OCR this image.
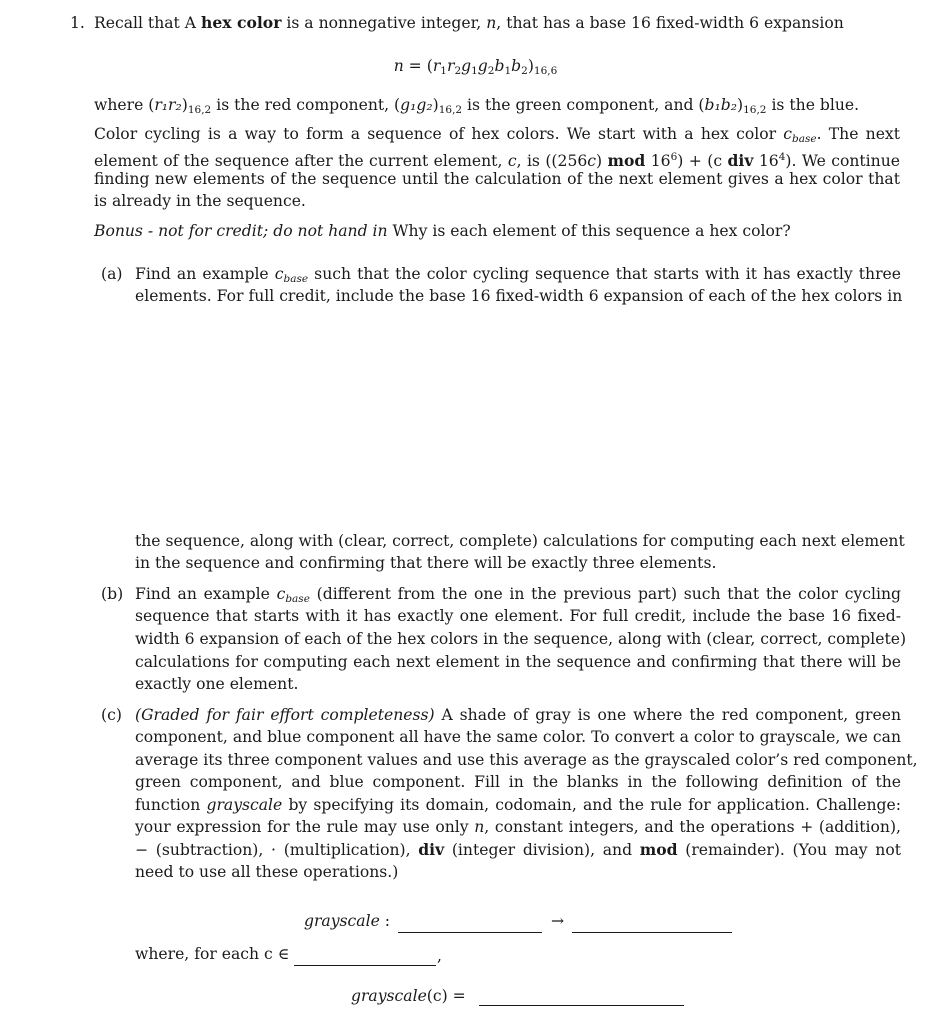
1. Recall that A hex color is a nonnegative integer, n, that has a base 16 fixed-width 6 expansion
$n = (r_1r_2g_1g_2b_1b_2)_{16,6}$
where $(r_1r_2)_{16,2}$ is the red component, $(g_1g_2)_{16,2}$ is the green component, and $(b_1b_2)_{16,2}$ is the blue.
Color cycling is a way to form a sequence of hex colors. We start with a hex color $c_{base}$. The next
element of the sequence after the current element, c, is ((256c) mod $16^6) + (c$ div $16^4$). We continue
finding new elements of the sequence until the calculation of the next element gives a hex color that
is already in the sequence.
Bonus - not for credit; do not hand in Why is each element of this sequence a hex color?
(a) Find an example $c_{base}$ such that the color cycling sequence that starts with it has exactly three
elements. For full credit, include the base 16 fixed-width 6 expansion of each of the hex colors in
the sequence, along with (clear, correct, complete) calculations for computing each next element
in the sequence and confirming that there will be exactly three elements.
(b) Find an example $c_{base}$ (different from the one in the previous part) such that the color cycling
sequence that starts with it has exactly one element. For full credit, include the base 16 fixed-
width 6 expansion of each of the hex colors in the sequence, along with (clear, correct, complete)
calculations for computing each next element in the sequence and confirming that there will be
exactly one element.
(c) (Graded for fair effort completeness) A shade of gray is one where the red component, green
component, and blue component all have the same color. To convert a color to grayscale, we can
average its three component values and use this average as the grayscaled color’s red component,
green component, and blue component. Fill in the blanks in the following definition of the
function grayscale by specifying its domain, codomain, and the rule for application. Challenge:
your expression for the rule may use only n, constant integers, and the operations + (addition),
− (subtraction), · (multiplication), div (integer division), and mod (remainder). (You may not
need to use all these operations.)
grayscale :	→
where, for each c ∈	,
grayscale(c) =
